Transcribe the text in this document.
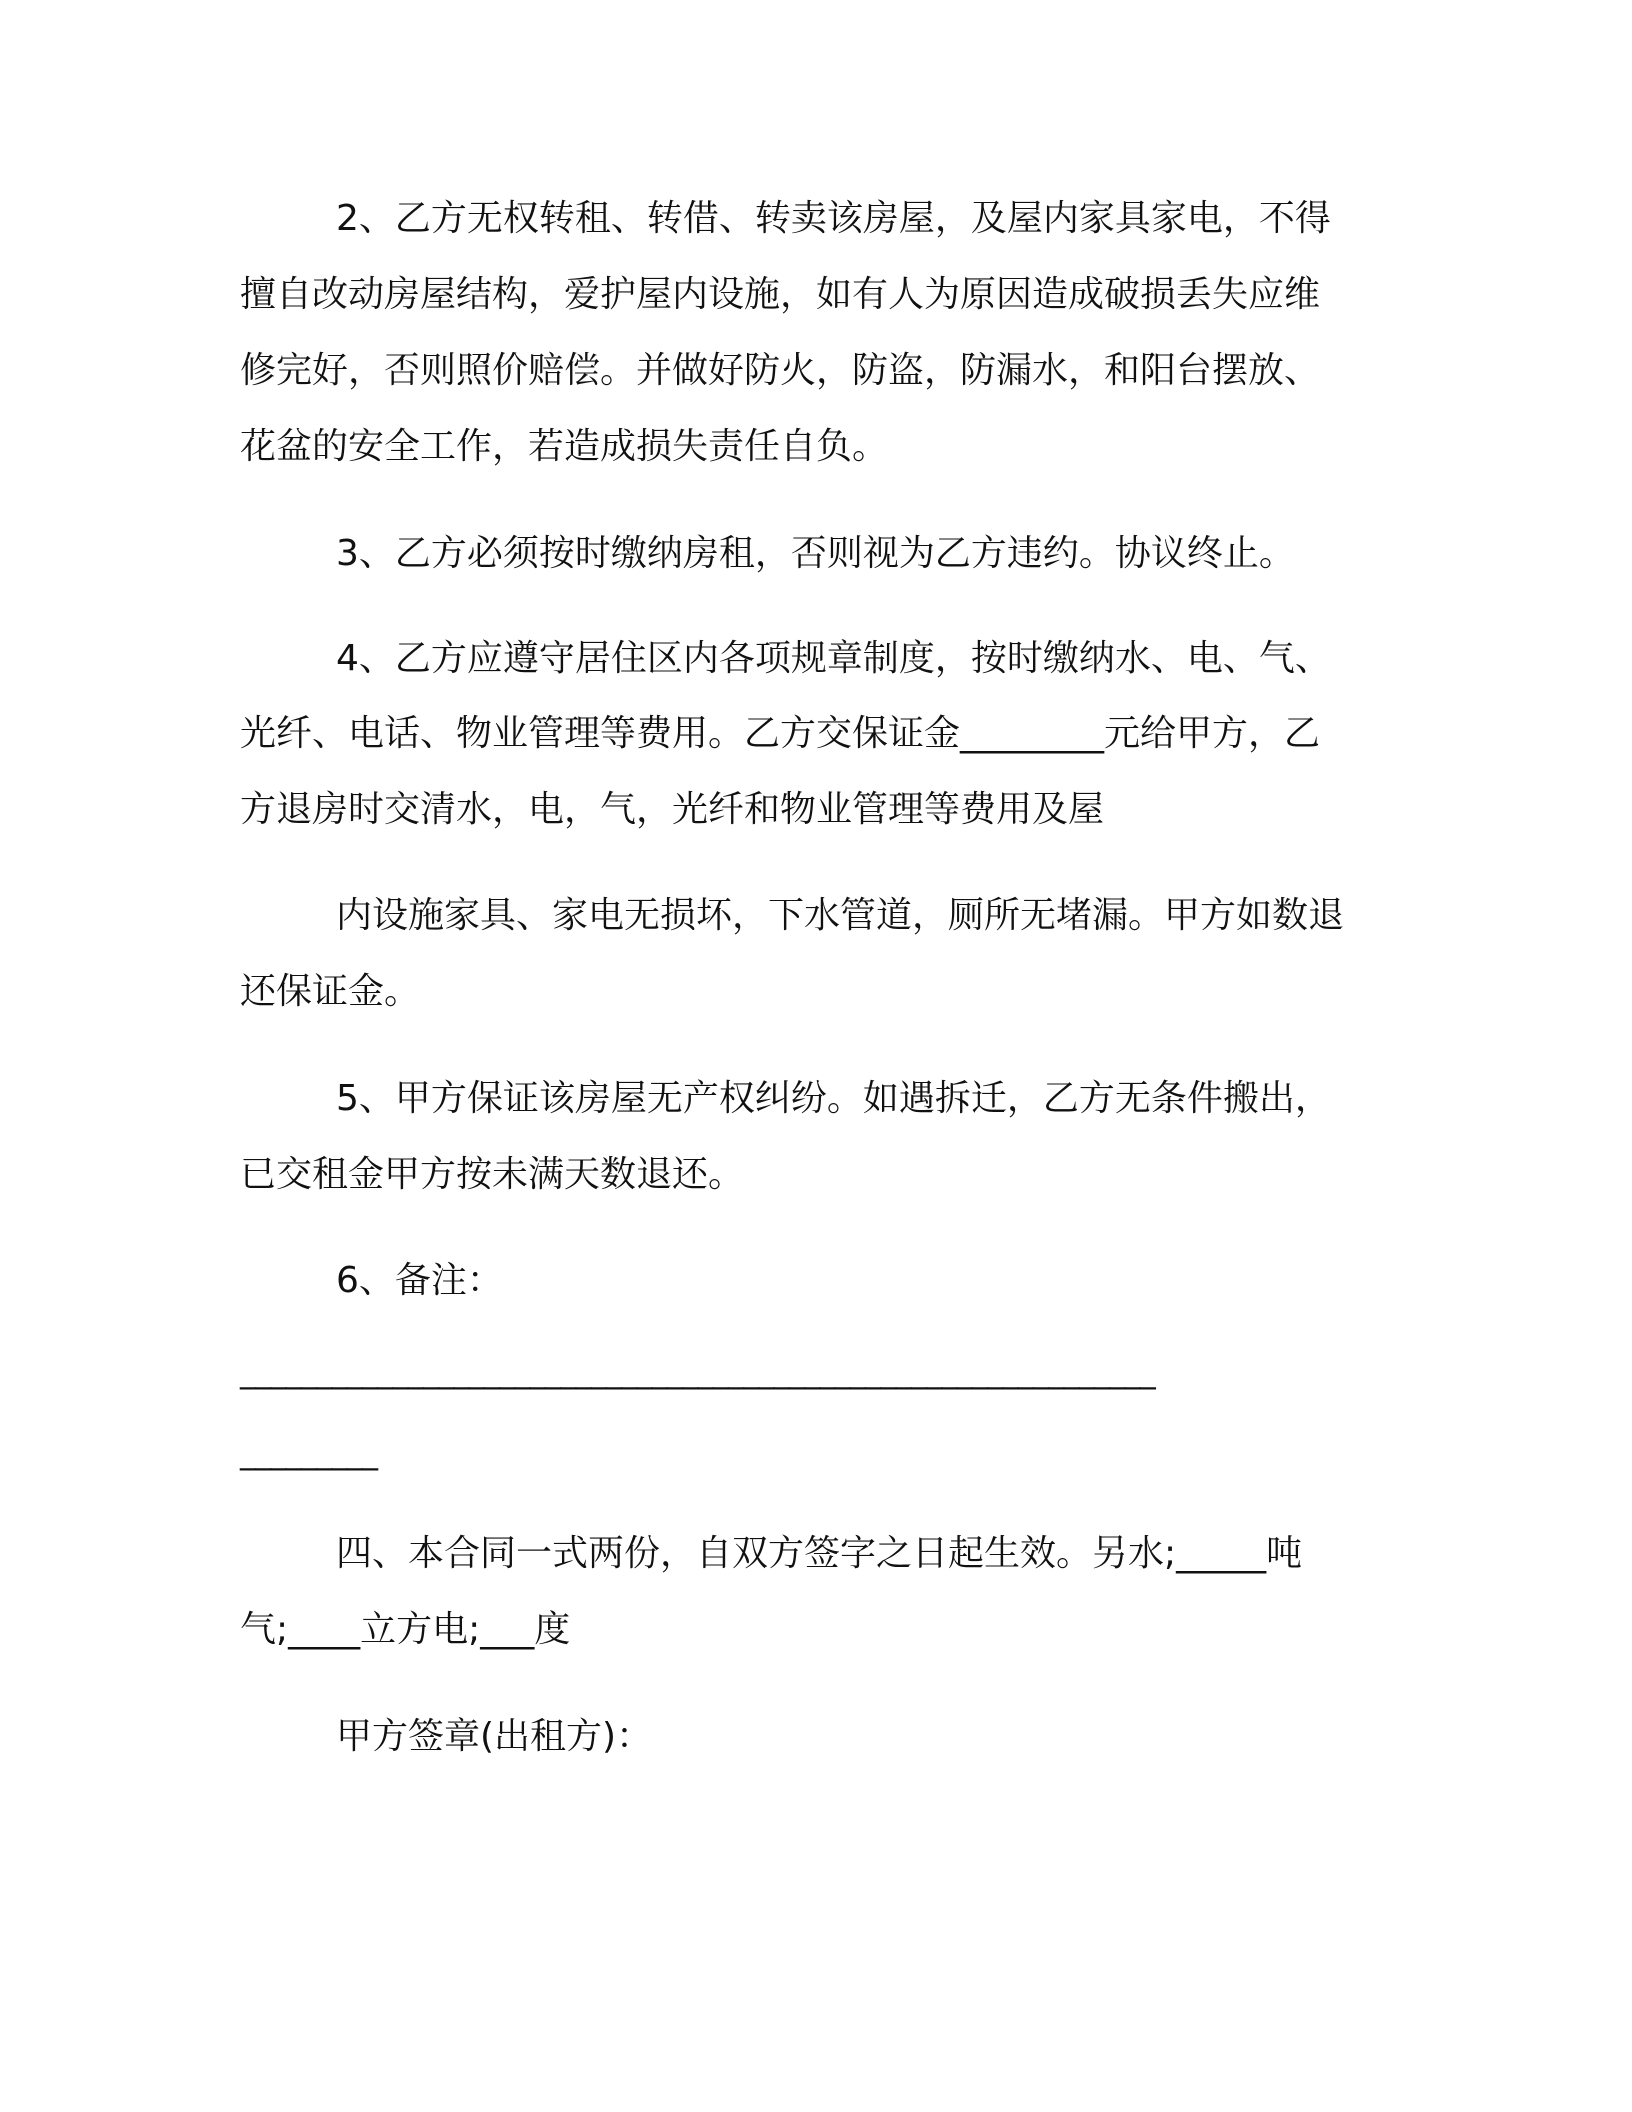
2、乙方无权转租、转借、转卖该房屋，及屋内家具家电，不得
擅自改动房屋结构，爱护屋内设施，如有人为原因造成破损丢失应维
修完好，否则照价赔偿。并做好防火，防盗，防漏水，和阳台摆放、
花盆的安全工作，若造成损失责任自负。
3、乙方必须按时缴纳房租，否则视为乙方违约。协议终止。
4、乙方应遵守居住区内各项规章制度，按时缴纳水、电、气、
光纤、电话、物业管理等费用。乙方交保证金________元给甲方，乙
方退房时交清水，电，气，光纤和物业管理等费用及屋
内设施家具、家电无损坏，下水管道，厕所无堵漏。甲方如数退
还保证金。
5、甲方保证该房屋无产权纠纷。如遇拆迁，乙方无条件搬出，
已交租金甲方按未满天数退还。
6、备注：
____________________________________________________________
_________
四、本合同一式两份，自双方签字之日起生效。另水;_____吨
气;____立方电;___度
甲方签章(出租方)：
